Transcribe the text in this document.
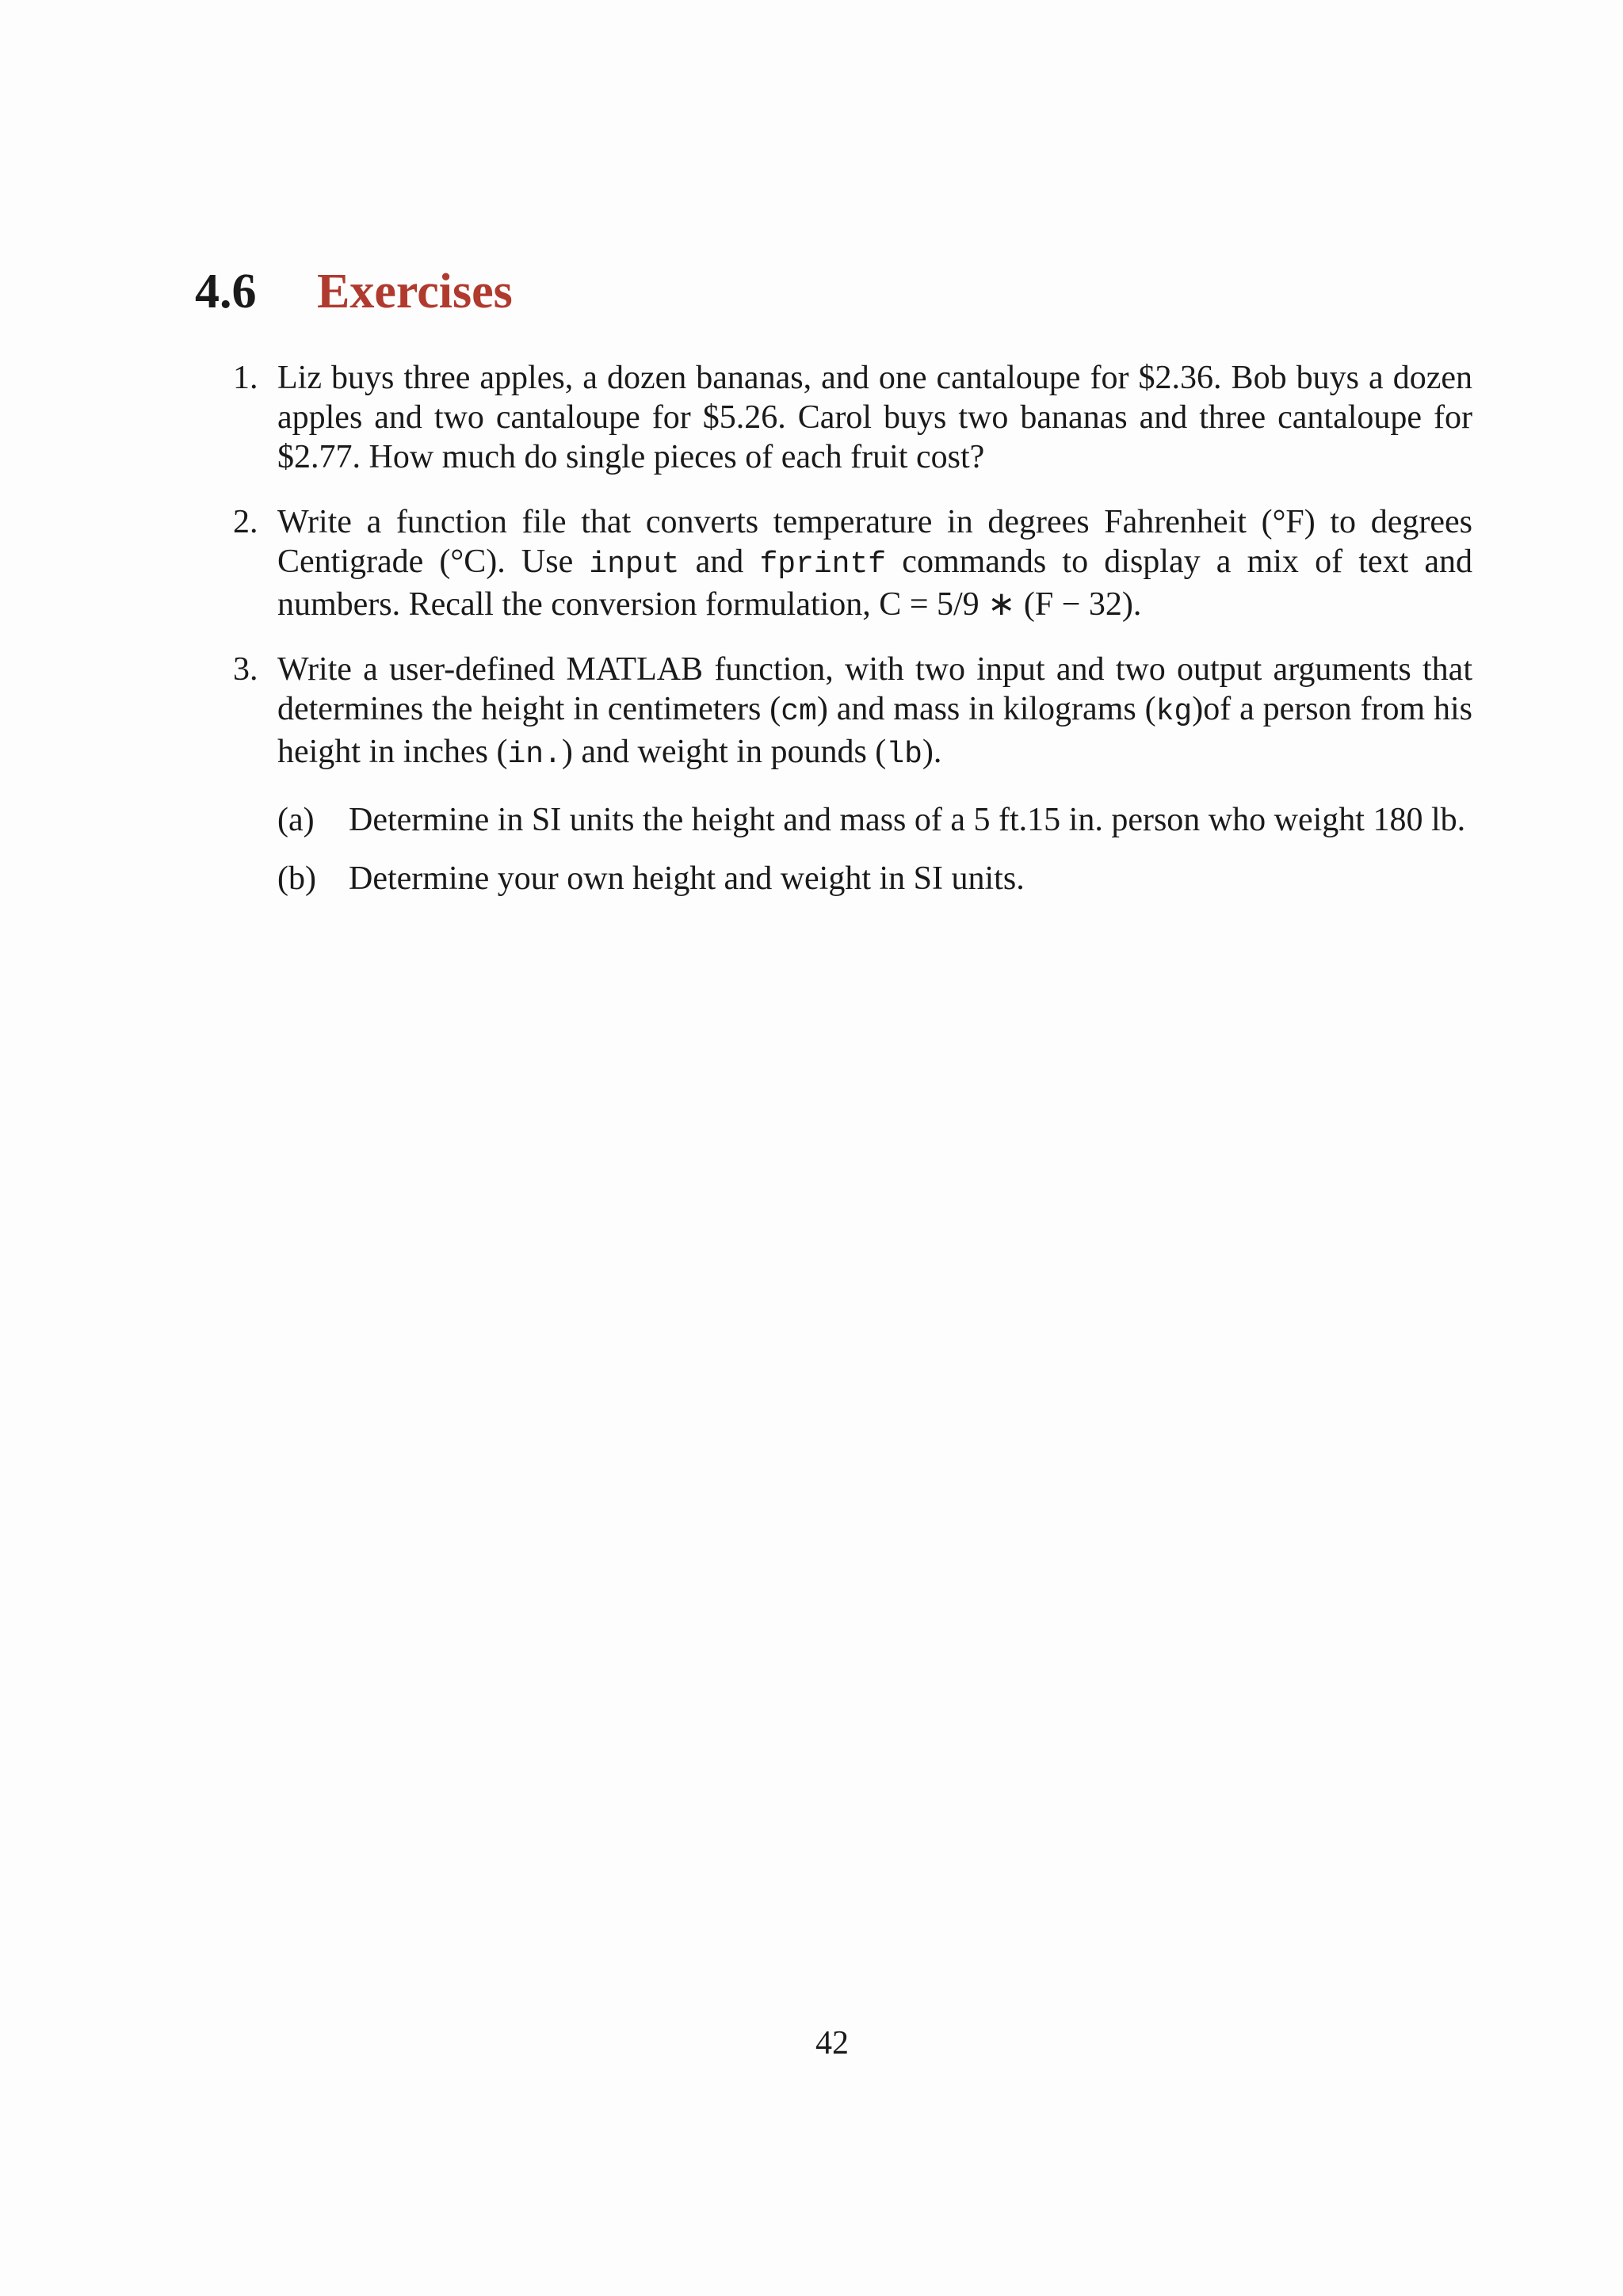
4.6 Exercises
1. Liz buys three apples, a dozen bananas, and one cantaloupe for $2.36. Bob buys a dozen apples and two cantaloupe for $5.26. Carol buys two bananas and three cantaloupe for $2.77. How much do single pieces of each fruit cost?
2. Write a function file that converts temperature in degrees Fahrenheit (°F) to degrees Centigrade (°C). Use input and fprintf commands to display a mix of text and numbers. Recall the conversion formulation, C = 5/9 ∗ (F − 32).
3. Write a user-defined MATLAB function, with two input and two output arguments that determines the height in centimeters (cm) and mass in kilograms (kg)of a person from his height in inches (in.) and weight in pounds (lb).
(a) Determine in SI units the height and mass of a 5 ft.15 in. person who weight 180 lb.
(b) Determine your own height and weight in SI units.
42
